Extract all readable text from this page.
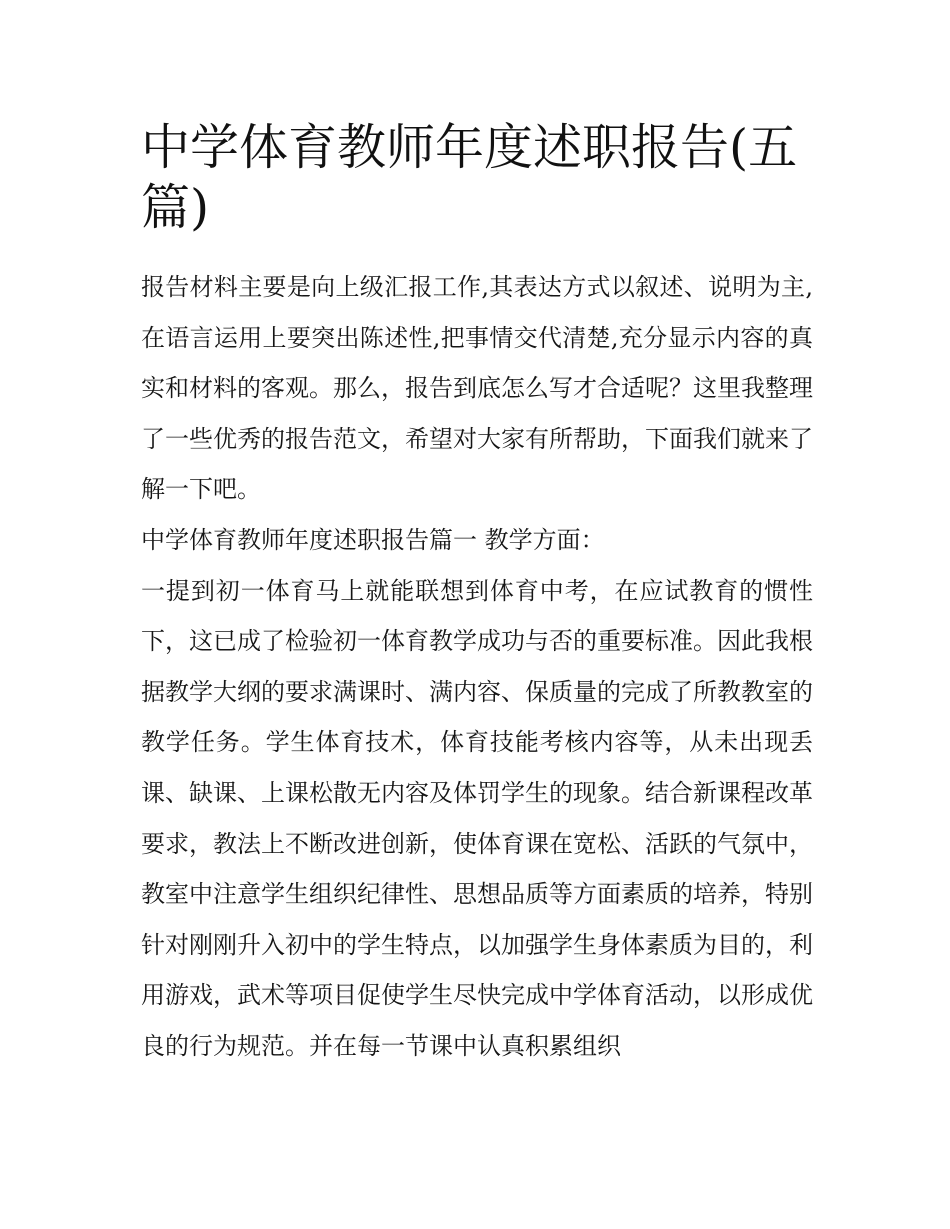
中学体育教师年度述职报告(五篇)

报告材料主要是向上级汇报工作,其表达方式以叙述、说明为主,在语言运用上要突出陈述性,把事情交代清楚,充分显示内容的真实和材料的客观。那么，报告到底怎么写才合适呢？这里我整理了一些优秀的报告范文，希望对大家有所帮助，下面我们就来了解一下吧。

中学体育教师年度述职报告篇一 教学方面：

一提到初一体育马上就能联想到体育中考，在应试教育的惯性下，这已成了检验初一体育教学成功与否的重要标准。因此我根据教学大纲的要求满课时、满内容、保质量的完成了所教教室的教学任务。学生体育技术，体育技能考核内容等，从未出现丢课、缺课、上课松散无内容及体罚学生的现象。结合新课程改革要求，教法上不断改进创新，使体育课在宽松、活跃的气氛中，教室中注意学生组织纪律性、思想品质等方面素质的培养，特别针对刚刚升入初中的学生特点，以加强学生身体素质为目的，利用游戏，武术等项目促使学生尽快完成中学体育活动，以形成优良的行为规范。并在每一节课中认真积累组织
